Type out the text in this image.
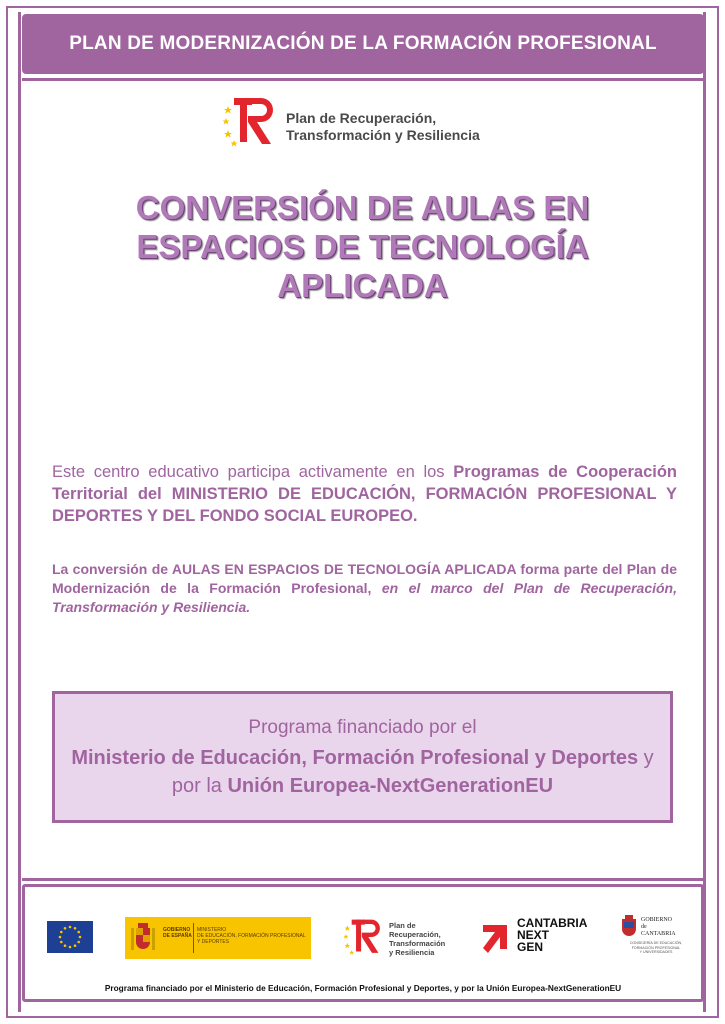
PLAN DE MODERNIZACIÓN DE LA FORMACIÓN PROFESIONAL
Plan de Recuperación,
Transformación y Resiliencia
CONVERSIÓN DE AULAS EN
ESPACIOS DE TECNOLOGÍA
APLICADA

Este centro educativo participa activamente en los Programas de Cooperación Territorial del MINISTERIO DE EDUCACIÓN, FORMACIÓN PROFESIONAL Y DEPORTES Y DEL FONDO SOCIAL EUROPEO.

La conversión de AULAS EN ESPACIOS DE TECNOLOGÍA APLICADA forma parte del Plan de Modernización de la Formación Profesional, en el marco del Plan de Recuperación, Transformación y Resiliencia.

Programa financiado por el
Ministerio de Educación, Formación Profesional y Deportes y por la Unión Europea-NextGenerationEU
GOBIERNO
DE ESPAÑA
MINISTERIO
DE EDUCACIÓN, FORMACIÓN PROFESIONAL
Y DEPORTES
Plan de
Recuperación,
Transformación
y Resiliencia
CANTABRIA
NEXT
GEN
GOBIERNO
de
CANTABRIA
CONSEJERÍA DE EDUCACIÓN,
FORMACIÓN PROFESIONAL
Y UNIVERSIDADES
Programa financiado por el Ministerio de Educación, Formación Profesional y Deportes, y por la Unión Europea-NextGenerationEU
